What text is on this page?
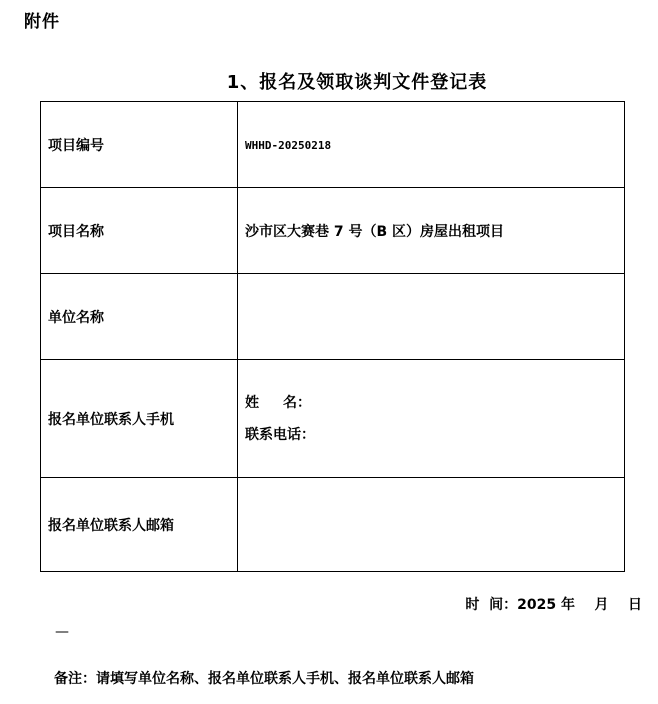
附件
1、报名及领取谈判文件登记表
项目编号	WHHD-20250218
项目名称	沙市区大赛巷 7 号（B 区）房屋出租项目
单位名称	
报名单位联系人手机	姓 名：
联系电话：

报名单位联系人邮箱	
时  间：2025 年    月    日
—
备注：请填写单位名称、报名单位联系人手机、报名单位联系人邮箱
